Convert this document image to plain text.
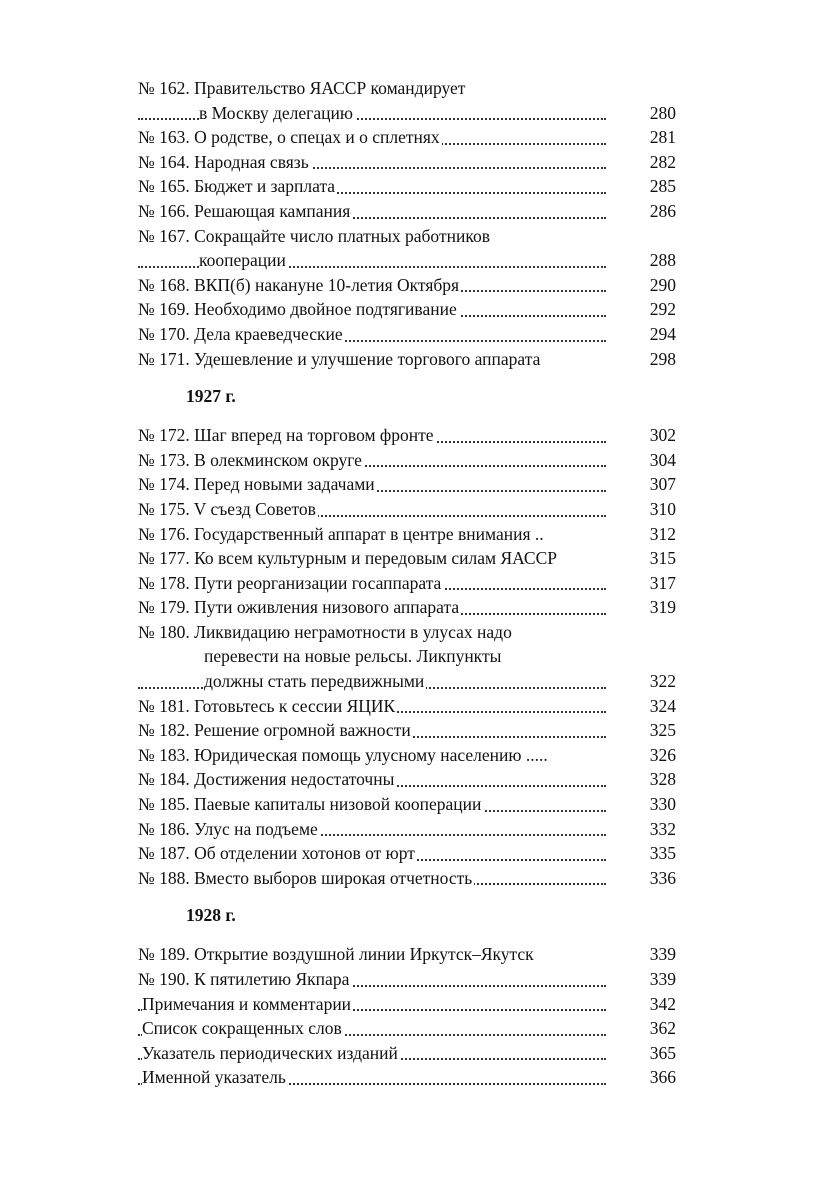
№ 162. Правительство ЯАССР командирует
в Москву делегацию	280
№ 163. О родстве, о спецах и о сплетнях	281
№ 164. Народная связь	282
№ 165. Бюджет и зарплата	285
№ 166. Решающая кампания	286
№ 167. Сокращайте число платных работников
кооперации	288
№ 168. ВКП(б) накануне 10-летия Октября	290
№ 169. Необходимо двойное подтягивание	292
№ 170. Дела краеведческие	294
№ 171. Удешевление и улучшение торгового аппарата	298
1927 г.
№ 172. Шаг вперед на торговом фронте	302
№ 173. В олекминском округе	304
№ 174. Перед новыми задачами	307
№ 175. V съезд Советов	310
№ 176. Государственный аппарат в центре внимания ..	312
№ 177. Ко всем культурным и передовым силам ЯАССР	315
№ 178. Пути реорганизации госаппарата	317
№ 179. Пути оживления низового аппарата	319
№ 180. Ликвидацию неграмотности в улусах надо
перевести на новые рельсы. Ликпункты
должны стать передвижными	322
№ 181. Готовьтесь к сессии ЯЦИК	324
№ 182. Решение огромной важности	325
№ 183. Юридическая помощь улусному населению .....	326
№ 184. Достижения недостаточны	328
№ 185. Паевые капиталы низовой кооперации	330
№ 186. Улус на подъеме	332
№ 187. Об отделении хотонов от юрт	335
№ 188. Вместо выборов широкая отчетность	336
1928 г.
№ 189. Открытие воздушной линии Иркутск–Якутск	339
№ 190. К пятилетию Якпара	339
Примечания и комментарии	342
Список сокращенных слов	362
Указатель периодических изданий	365
Именной указатель	366
